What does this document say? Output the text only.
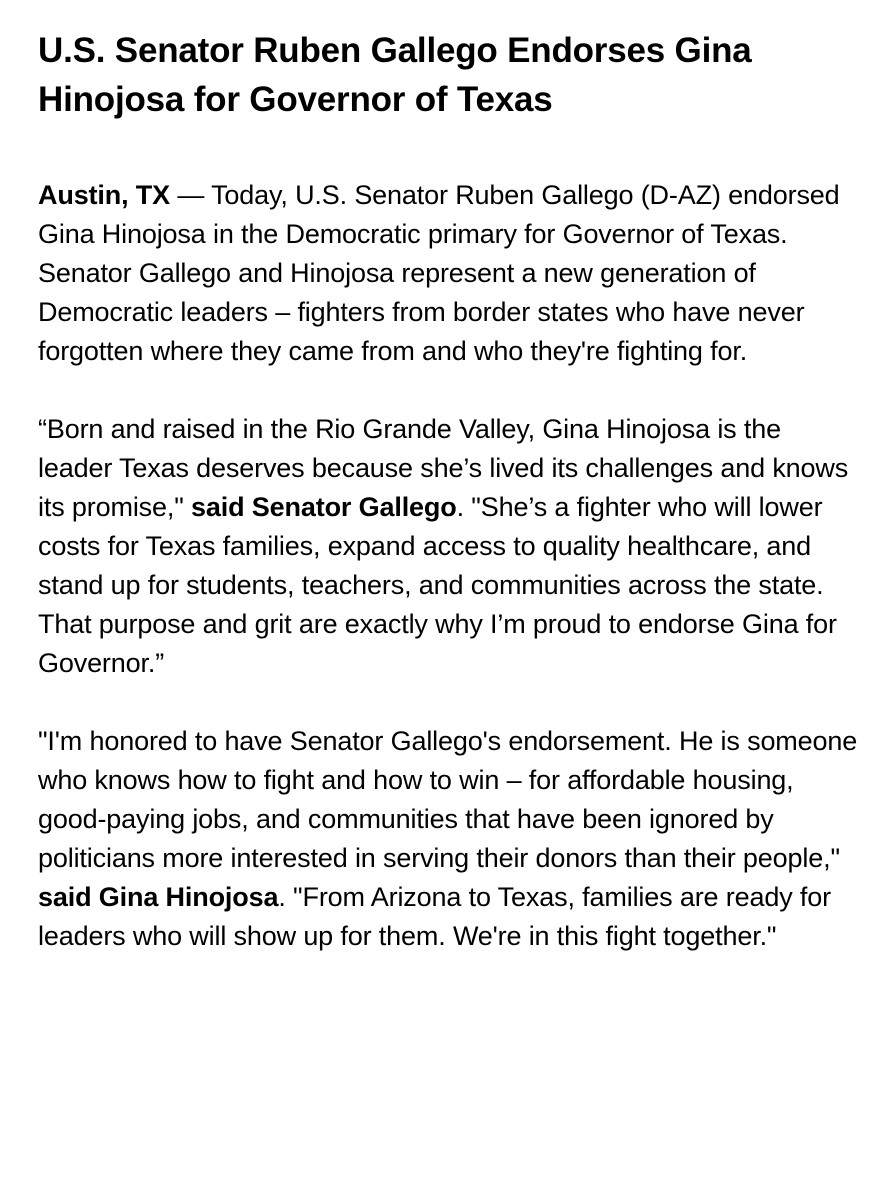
U.S. Senator Ruben Gallego Endorses Gina Hinojosa for Governor of Texas

Austin, TX — Today, U.S. Senator Ruben Gallego (D-AZ) endorsed Gina Hinojosa in the Democratic primary for Governor of Texas. Senator Gallego and Hinojosa represent a new generation of Democratic leaders – fighters from border states who have never forgotten where they came from and who they're fighting for.

“Born and raised in the Rio Grande Valley, Gina Hinojosa is the leader Texas deserves because she’s lived its challenges and knows its promise," said Senator Gallego. "She’s a fighter who will lower costs for Texas families, expand access to quality healthcare, and stand up for students, teachers, and communities across the state. That purpose and grit are exactly why I’m proud to endorse Gina for Governor.”

"I'm honored to have Senator Gallego's endorsement. He is someone who knows how to fight and how to win – for affordable housing, good-paying jobs, and communities that have been ignored by politicians more interested in serving their donors than their people," said Gina Hinojosa. "From Arizona to Texas, families are ready for leaders who will show up for them. We're in this fight together."
